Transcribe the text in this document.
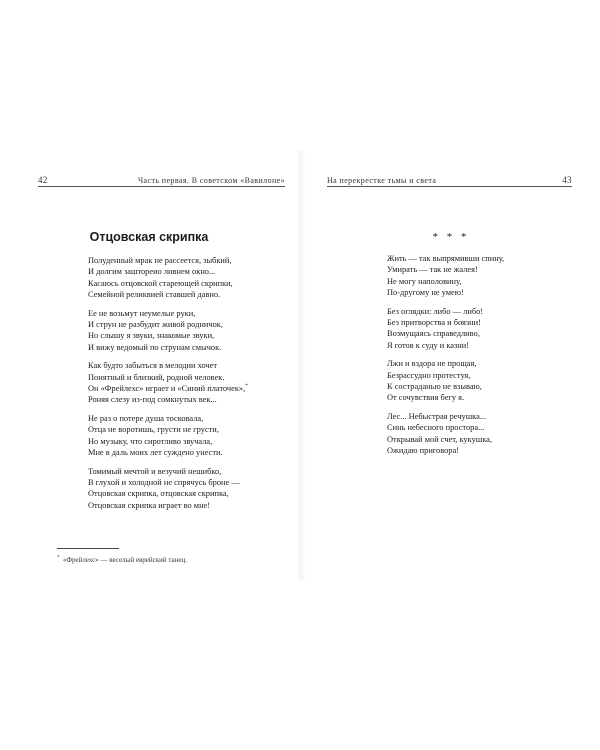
42	Часть первая. В советском «Вавилоне»
Отцовская скрипка
Полуденный мрак не рассеется, зыбкий,
И долгим заштореио ливнем окно...
Касаюсь отцовской стареющей скрипки,
Семейной реликвией ставшей давно.
Ее не возьмут неумелые руки,
И струн не разбудит живой родничок,
Но слышу я звуки, знакомые звуки,
И вижу ведомый по струнам смычок.
Как будто забыться в мелодии хочет
Понятный и близкий, родной человек.
Он «Фрейлехс» играет и «Синий платочек»,*
Роняя слезу из-под сомкнутых век...
Не раз о потере душа тосковала,
Отца не воротишь, грусти не грусти,
Но музыку, что сиротливо звучала,
Мне в даль моих лет суждено унести.
Томимый мечтой и везучий нешибко,
В глухой и холодной не спрячусь броне —
Отцовская скрипка, отцовская скрипка,
Отцовская скрипка играет во мне!
* «Фрейлехс» — веселый еврейский танец.
На перекрестке тьмы и света	43
* * *
Жить — так выпрямивши спину,
Умирать — так не жалея!
Не могу наполовину,
По-другому не умею!
Без оглядки: либо — либо!
Без притворства и боязни!
Возмущаясь справедливо,
Я готов к суду и казни!
Лжи и вздора не прощая,
Безрассудно протестуя,
К состраданью не взываю,
От сочувствия бегу я.
Лес... Небыстрая речушка...
Синь небесного простора...
Открывай мой счет, кукушка,
Ожидаю приговора!
